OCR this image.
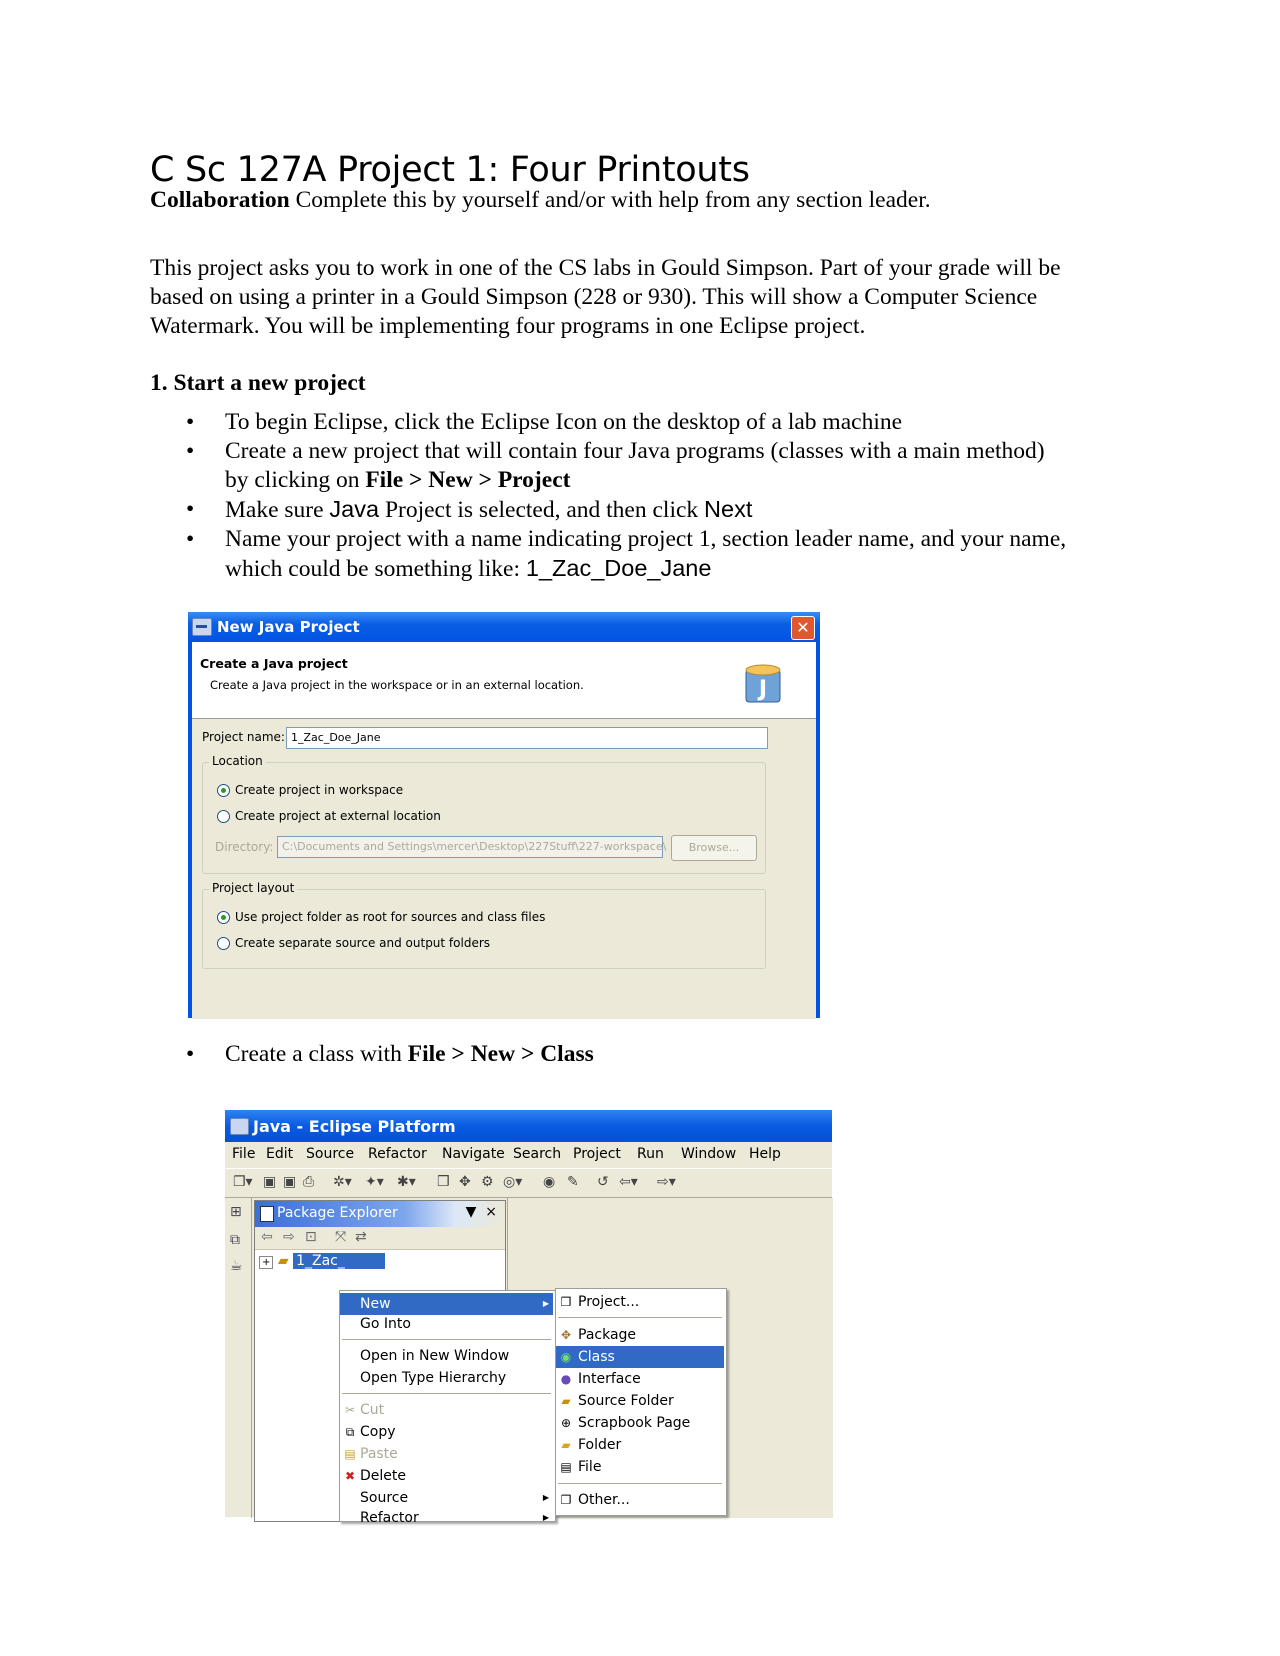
C Sc 127A Project 1: Four Printouts
Collaboration Complete this by yourself and/or with help from any section leader.
This project asks you to work in one of the CS labs in Gould Simpson. Part of your grade will be
based on using a printer in a Gould Simpson (228 or 930). This will show a Computer Science
Watermark. You will be implementing four programs in one Eclipse project.
1. Start a new project
• To begin Eclipse, click the Eclipse Icon on the desktop of a lab machine
• Create a new project that will contain four Java programs (classes with a main method)
by clicking on File > New > Project
• Make sure Java Project is selected, and then click Next
• Name your project with a name indicating project 1, section leader name, and your name,
which could be something like: 1_Zac_Doe_Jane
New Java Project	✕
Create a Java project
Create a Java project in the workspace or in an external location.	J
Project name: 1_Zac_Doe_Jane
Location
Create project in workspace
Create project at external location
Directory: C:\Documents and Settings\mercer\Desktop\227Stuff\227-workspace\	Browse...
Project layout
Use project folder as root for sources and class files
Create separate source and output folders
• Create a class with File > New > Class
Java - Eclipse Platform
File Edit Source Refactor Navigate Search Project Run Window Help
❐▾ ▣ ▣ ⎙ ✲▾ ✦▾ ✱▾ ❒ ✥ ⚙ ◎▾ ◉ ✎ ↺ ⇦▾ ⇨▾
⊞
⧉
☕
Package Explorer	▼ ×
⇦ ⇨ ⊡ ⤧ ⇄
+ ▰ 1_Zac_
New	▶
Go Into
Open in New Window
Open Type Hierarchy
✂ Cut
⧉ Copy
▤ Paste
✖ Delete
Source	▶
Refactor	▶
❒ Project...
✥ Package
◉ Class
● Interface
▰ Source Folder
⊕ Scrapbook Page
▰ Folder
▤ File
❐ Other...
